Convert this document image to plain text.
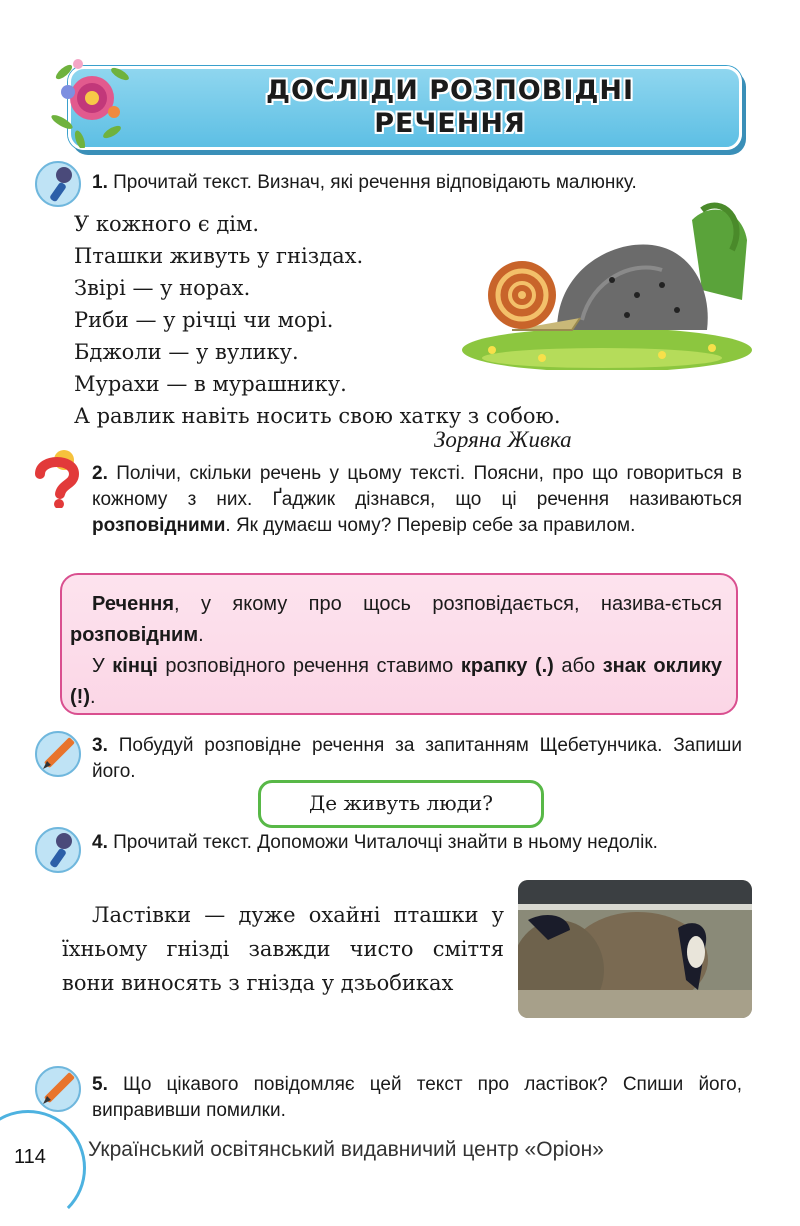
ДОСЛІДИ РОЗПОВІДНІ
РЕЧЕННЯ
1. Прочитай текст. Визнач, які речення відповідають малюнку.
У кожного є дім.
Пташки живуть у гніздах.
Звірі — у норах.
Риби — у річці чи морі.
Бджоли — у вулику.
Мурахи — в мурашнику.
А равлик навіть носить свою хатку з собою.
Зоряна Живка
2. Полічи, скільки речень у цьому тексті. Поясни, про що говориться в кожному з них. Ґаджик дізнався, що ці речення називаються розповідними. Як думаєш чому? Перевір себе за правилом.
Речення, у якому про щось розповідається, назива-ється розповідним.
У кінці розповідного речення ставимо крапку (.) або знак оклику (!).
3. Побудуй розповідне речення за запитанням Щебетунчика. Запиши його.
Де живуть люди?
4. Прочитай текст. Допоможи Читалочці знайти в ньому недолік.
Ластівки — дуже охайні пташки у їхньому гнізді завжди чисто сміття вони виносять з гнізда у дзьобиках
5. Що цікавого повідомляє цей текст про ластівок? Спиши його, виправивши помилки.
114 Український освітянський видавничий центр «Оріон»
